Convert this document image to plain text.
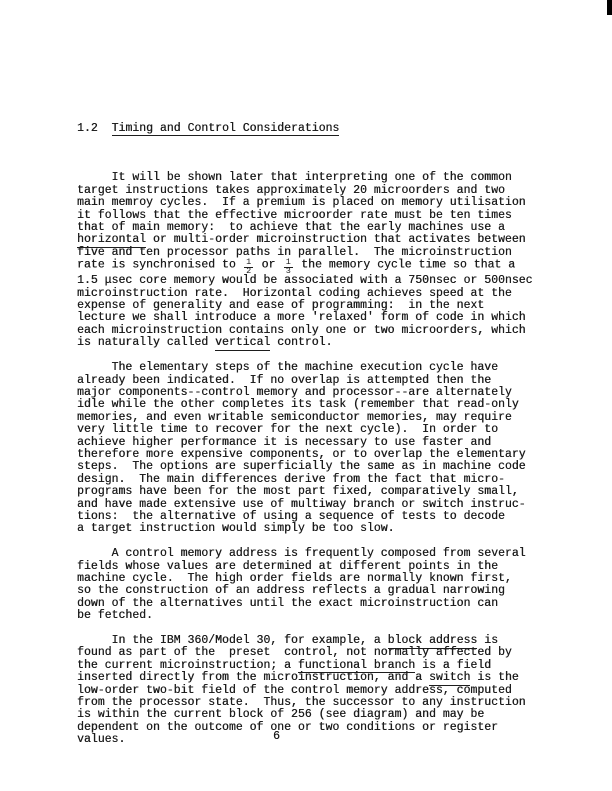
1.2 Timing and Control Considerations

It will be shown later that interpreting one of the common
target instructions takes approximately 20 microorders and two
main memroy cycles.  If a premium is placed on memory utilisation
it follows that the effective microorder rate must be ten times
that of main memory:  to achieve that the early machines use a
horizontal or multi-order microinstruction that activates between
five and ten processor paths in parallel.  The microinstruction
rate is synchronised to $\frac{1}{2}$ or $\frac{1}{3}$ the memory cycle time so that a
1.5 μsec core memory would be associated with a 750nsec or 500nsec
microinstruction rate.  Horizontal coding achieves speed at the
expense of generality and ease of programming:  in the next
lecture we shall introduce a more 'relaxed' form of code in which
each microinstruction contains only one or two microorders, which
is naturally called vertical control.
The elementary steps of the machine execution cycle have
already been indicated.  If no overlap is attempted then the
major components--control memory and processor--are alternately
idle while the other completes its task (remember that read-only
memories, and even writable semiconductor memories, may require
very little time to recover for the next cycle).  In order to
achieve higher performance it is necessary to use faster and
therefore more expensive components, or to overlap the elementary
steps.  The options are superficially the same as in machine code
design.  The main differences derive from the fact that micro-
programs have been for the most part fixed, comparatively small,
and have made extensive use of multiway branch or switch instruc-
tions:  the alternative of using a sequence of tests to decode
a target instruction would simply be too slow.
A control memory address is frequently composed from several
fields whose values are determined at different points in the
machine cycle.  The high order fields are normally known first,
so the construction of an address reflects a gradual narrowing
down of the alternatives until the exact microinstruction can
be fetched.
In the IBM 360/Model 30, for example, a block address is
found as part of the  preset  control, not normally affected by
the current microinstruction; a functional branch is a field
inserted directly from the microinstruction, and a switch is the
low-order two-bit field of the control memory address, computed
from the processor state.  Thus, the successor to any instruction
is within the current block of 256 (see diagram) and may be
dependent on the outcome of one or two conditions or register
values.

	6
